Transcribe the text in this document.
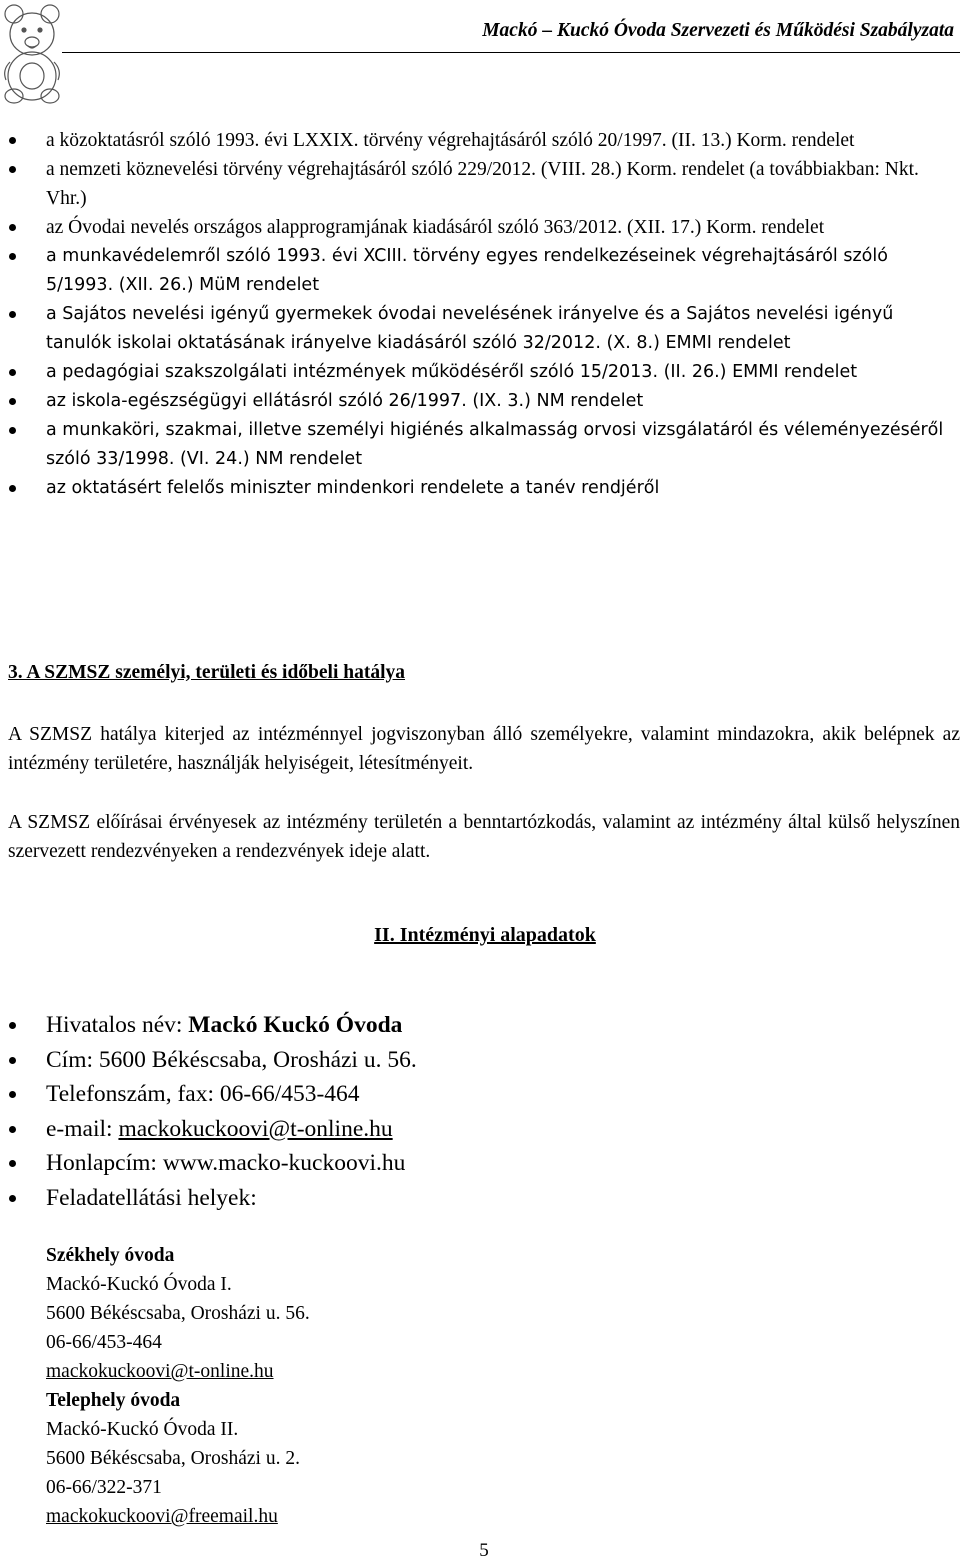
Mackó – Kuckó Óvoda Szervezeti és Működési Szabályzata
a közoktatásról szóló 1993. évi LXXIX. törvény végrehajtásáról szóló 20/1997. (II. 13.) Korm. rendelet
a nemzeti köznevelési törvény végrehajtásáról szóló 229/2012. (VIII. 28.) Korm. rendelet (a továbbiakban: Nkt. Vhr.)
az Óvodai nevelés országos alapprogramjának kiadásáról szóló 363/2012. (XII. 17.) Korm. rendelet
a munkavédelemről szóló 1993. évi XCIII. törvény egyes rendelkezéseinek végrehajtásáról szóló 5/1993. (XII. 26.) MüM rendelet
a Sajátos nevelési igényű gyermekek óvodai nevelésének irányelve és a Sajátos nevelési igényű tanulók iskolai oktatásának irányelve kiadásáról szóló 32/2012. (X. 8.) EMMI rendelet
a pedagógiai szakszolgálati intézmények működéséről szóló 15/2013. (II. 26.) EMMI rendelet
az iskola-egészségügyi ellátásról szóló 26/1997. (IX. 3.) NM rendelet
a munkaköri, szakmai, illetve személyi higiénés alkalmasság orvosi vizsgálatáról és véleményezéséről szóló 33/1998. (VI. 24.) NM rendelet
az oktatásért felelős miniszter mindenkori rendelete a tanév rendjéről
3. A SZMSZ személyi, területi és időbeli hatálya

A SZMSZ hatálya kiterjed az intézménnyel jogviszonyban álló személyekre, valamint mindazokra, akik belépnek az intézmény területére, használják helyiségeit, létesítményeit.

A SZMSZ előírásai érvényesek az intézmény területén a benntartózkodás, valamint az intézmény által külső helyszínen szervezett rendezvényeken a rendezvények ideje alatt.

II. Intézményi alapadatok
Hivatalos név: Mackó Kuckó Óvoda
Cím: 5600 Békéscsaba, Orosházi u. 56.
Telefonszám, fax: 06-66/453-464
e-mail: mackokuckoovi@t-online.hu
Honlapcím: www.macko-kuckoovi.hu
Feladatellátási helyek:
Székhely óvoda
Mackó-Kuckó Óvoda I.
5600 Békéscsaba, Orosházi u. 56.
06-66/453-464
mackokuckoovi@t-online.hu
Telephely óvoda
Mackó-Kuckó Óvoda II.
5600 Békéscsaba, Orosházi u. 2.
06-66/322-371
mackokuckoovi@freemail.hu
5
